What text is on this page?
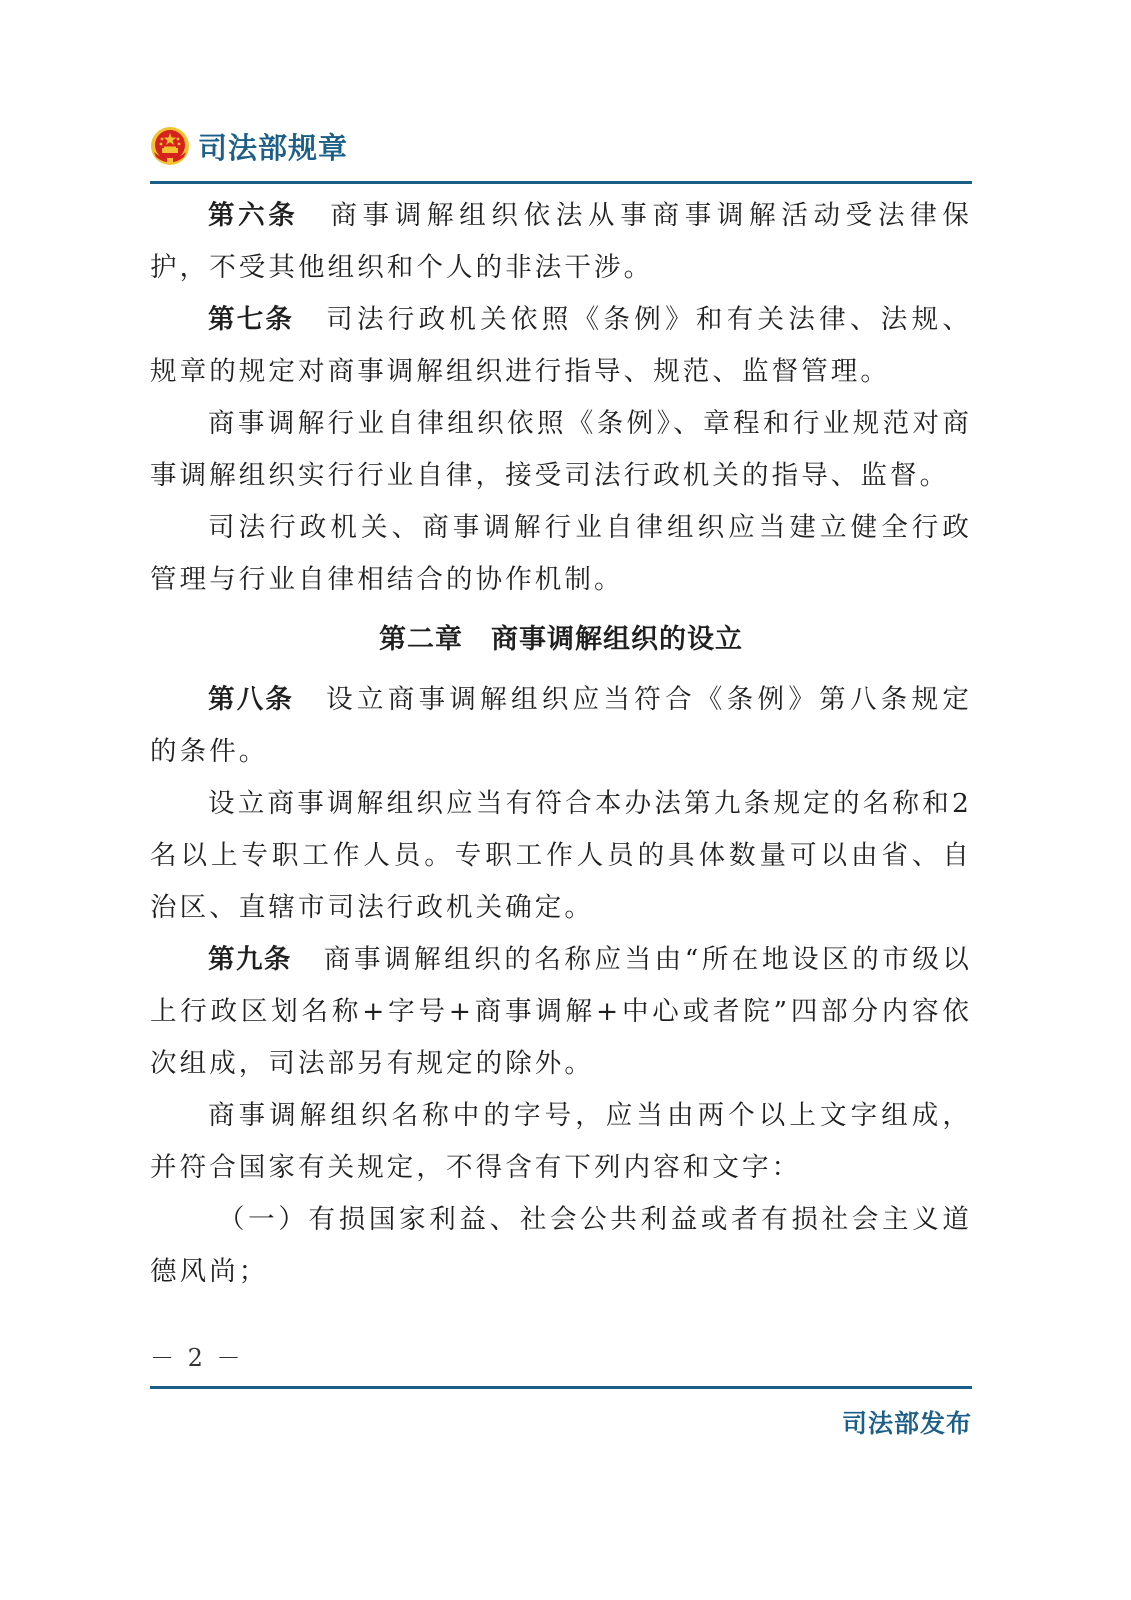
司法部规章

第六条 商事调解组织依法从事商事调解活动受法律保护，不受其他组织和个人的非法干涉。

第七条 司法行政机关依照《条例》和有关法律、法规、规章的规定对商事调解组织进行指导、规范、监督管理。

商事调解行业自律组织依照《条例》、章程和行业规范对商事调解组织实行行业自律，接受司法行政机关的指导、监督。

司法行政机关、商事调解行业自律组织应当建立健全行政管理与行业自律相结合的协作机制。

第二章　商事调解组织的设立

第八条 设立商事调解组织应当符合《条例》第八条规定的条件。

设立商事调解组织应当有符合本办法第九条规定的名称和2名以上专职工作人员。专职工作人员的具体数量可以由省、自治区、直辖市司法行政机关确定。

第九条 商事调解组织的名称应当由“所在地设区的市级以上行政区划名称+字号+商事调解+中心或者院”四部分内容依次组成，司法部另有规定的除外。

商事调解组织名称中的字号，应当由两个以上文字组成，并符合国家有关规定，不得含有下列内容和文字：

（一）有损国家利益、社会公共利益或者有损社会主义道德风尚；

－ 2 －
司法部发布
